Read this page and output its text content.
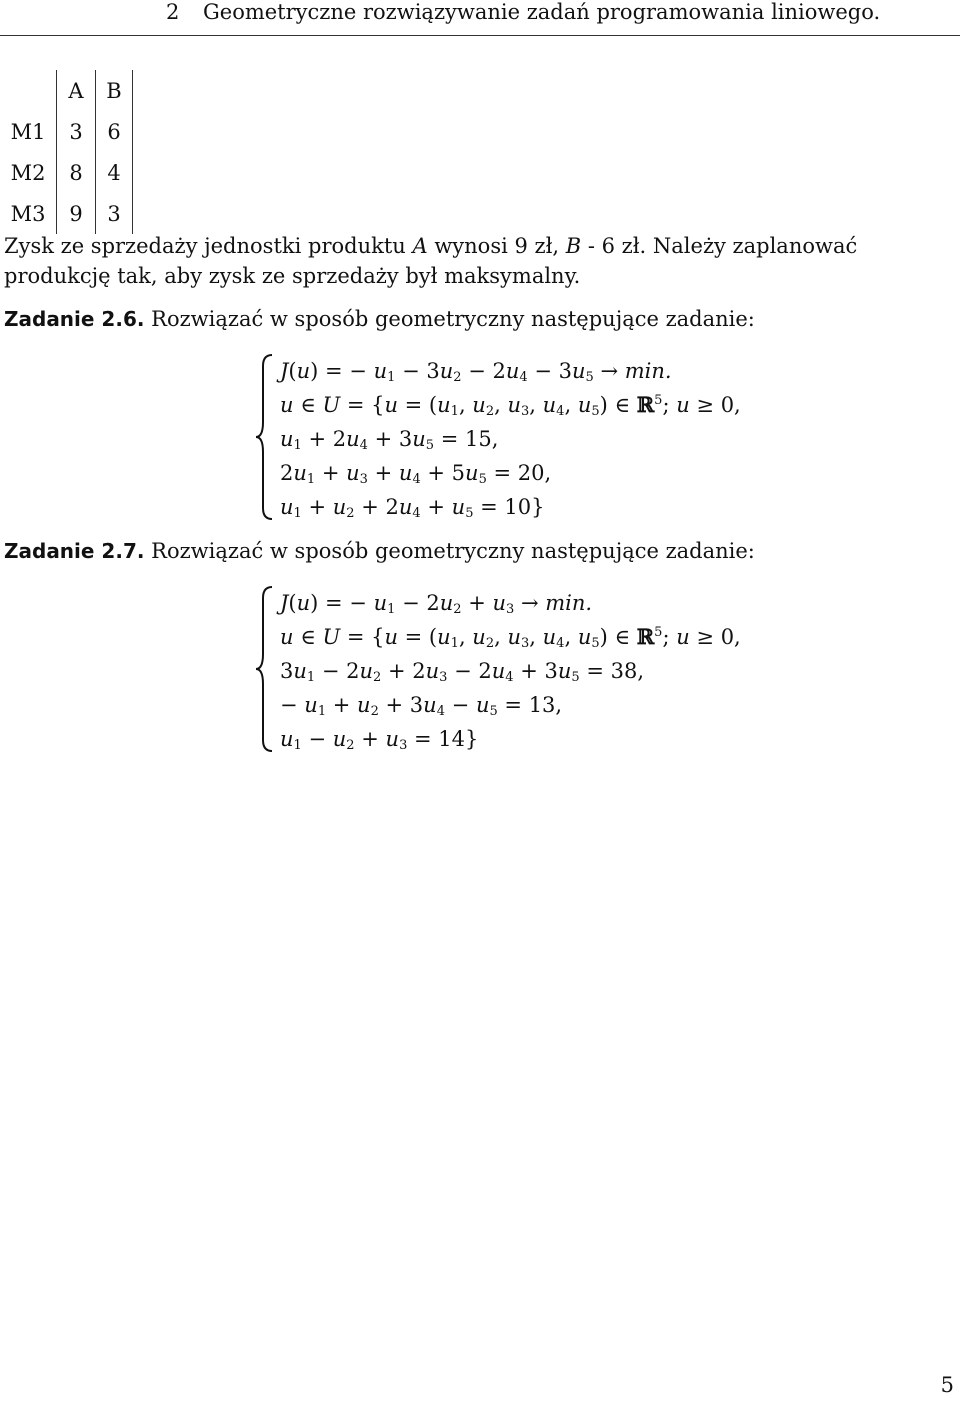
2 Geometryczne rozwiązywanie zadań programowania liniowego.
	A	B
M1	3	6
M2	8	4
M3	9	3
Zysk ze sprzedaży jednostki produktu A wynosi 9 zł, B - 6 zł. Należy zaplanować produkcję tak, aby zysk ze sprzedaży był maksymalny.
Zadanie 2.6. Rozwiązać w sposób geometryczny następujące zadanie:
J(u) = − $u_1 - 3u_2 - 2u_4 - 3u_5 \to \min$.
u ∈ $U = \{u = (u_1$, $u_2$, $u_3$, $u_4$, $u_5$) ∈ ℝ$^5$; u ≥ 0,
$u_1 + 2u_4 + 3u_5 = 15$,
$2u_1 + u_3 + u_4 + 5u_5 = 20$,
$u_1 + u_2 + 2u_4 + u_5 = 10$}
Zadanie 2.7. Rozwiązać w sposób geometryczny następujące zadanie:
J(u) = − $u_1 - 2u_2 + u_3 \to \min$.
u ∈ $U = \{u = (u_1$, $u_2$, $u_3$, $u_4$, $u_5$) ∈ ℝ$^5$; u ≥ 0,
$3u_1 - 2u_2 + 2u_3 - 2u_4 + 3u_5 = 38$,
− $u_1 + u_2 + 3u_4 - u_5 = 13$,
$u_1 - u_2 + u_3 = 14$}
5
